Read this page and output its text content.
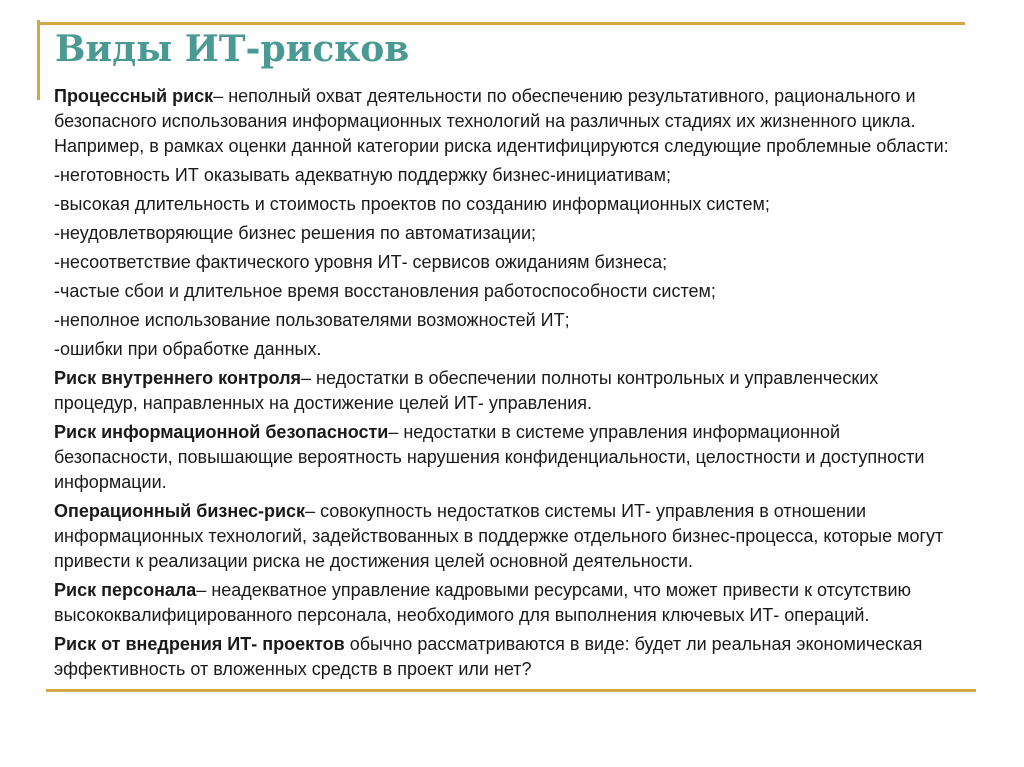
Виды ИТ-рисков

Процессный риск– неполный охват деятельности по обеспечению результативного, рационального и безопасного использования информационных технологий на различных стадиях их жизненного цикла. Например, в рамках оценки данной категории риска идентифицируются следующие проблемные области:

-неготовность ИТ оказывать адекватную поддержку бизнес-инициативам;

-высокая длительность и стоимость проектов по созданию информационных систем;

-неудовлетворяющие бизнес решения по автоматизации;

-несоответствие фактического уровня ИТ- сервисов ожиданиям бизнеса;

-частые сбои и длительное время восстановления работоспособности систем;

-неполное использование пользователями возможностей ИТ;

-ошибки при обработке данных.

Риск внутреннего контроля– недостатки в обеспечении полноты контрольных и управленческих процедур, направленных на достижение целей ИТ- управления.

Риск информационной безопасности– недостатки в системе управления информационной безопасности, повышающие вероятность нарушения конфиденциальности, целостности и доступности информации.

Операционный бизнес-риск– совокупность недостатков системы ИТ- управления в отношении информационных технологий, задействованных в поддержке отдельного бизнес-процесса, которые могут привести к реализации риска не достижения целей основной деятельности.

Риск персонала– неадекватное управление кадровыми ресурсами, что может привести к отсутствию высококвалифицированного персонала, необходимого для выполнения ключевых ИТ- операций.

Риск от внедрения ИТ- проектов обычно рассматриваются в виде: будет ли реальная экономическая эффективность от вложенных средств в проект или нет?
